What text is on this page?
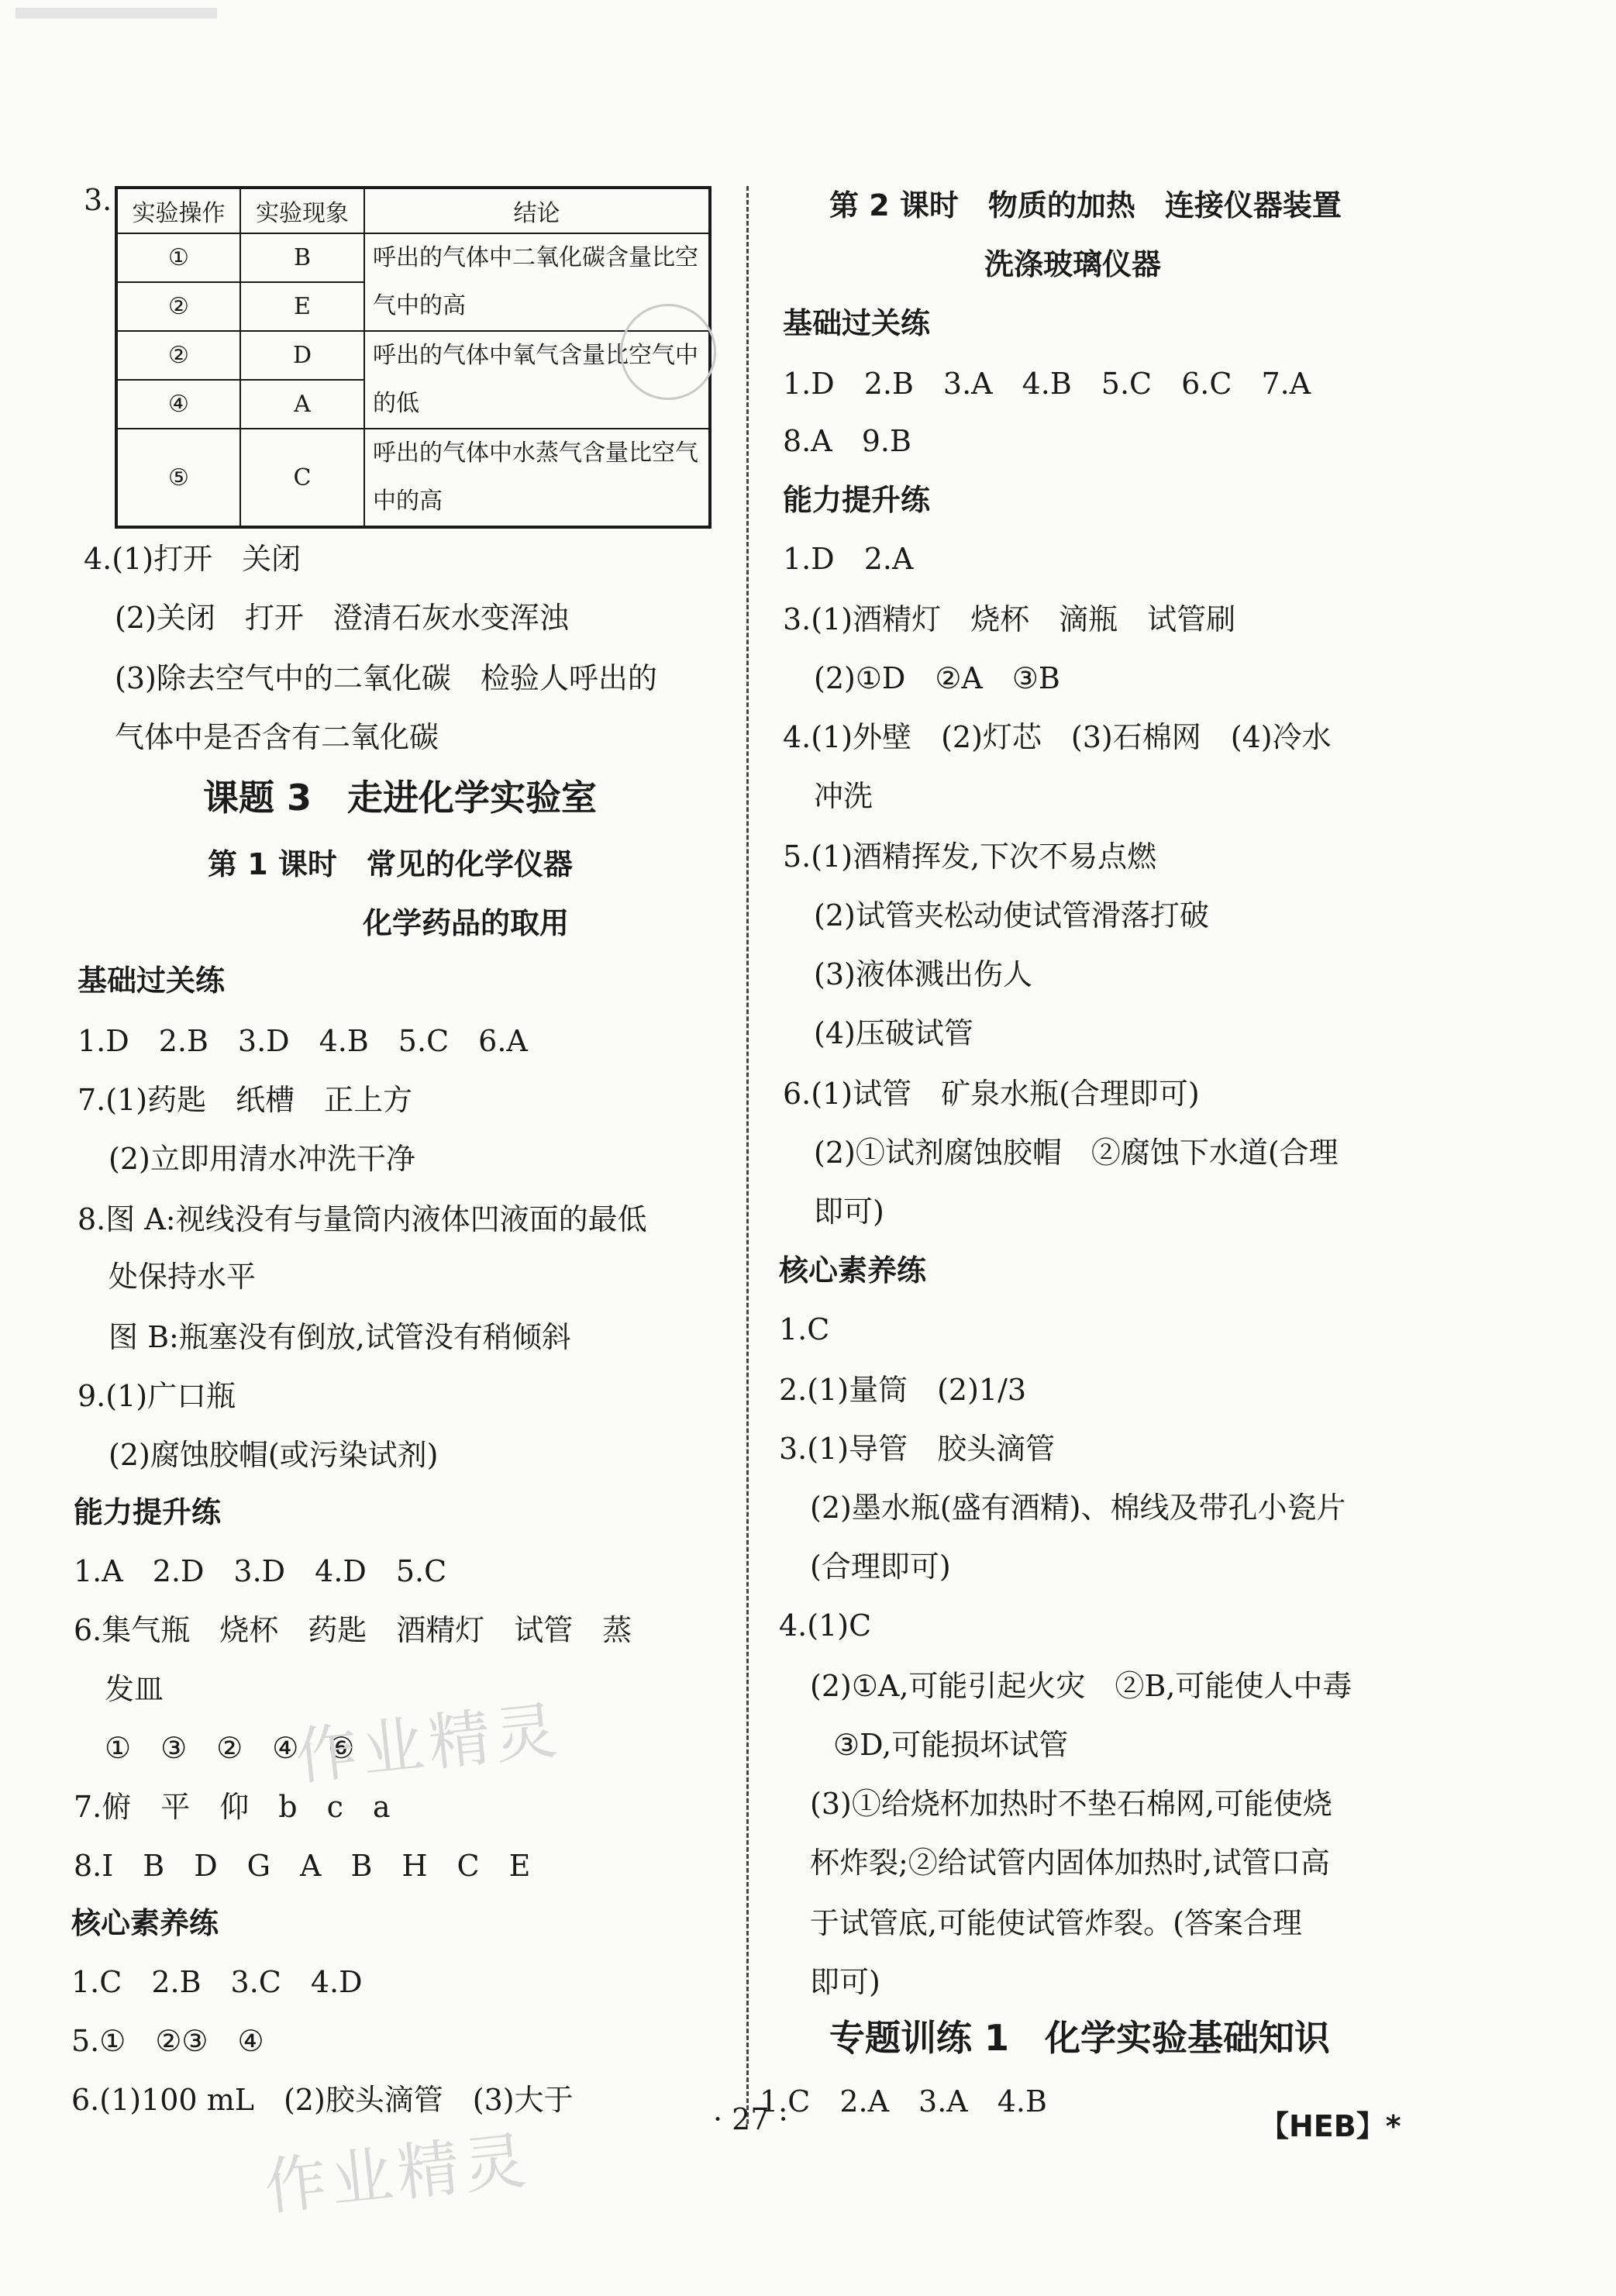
3. 实验操作	实验现象	结论
①	B	呼出的气体中二氧化碳含量比空气中的高
②	E	
②	D	呼出的气体中氧气含量比空气中的低
④	A	
⑤	C	呼出的气体中水蒸气含量比空气中的高
4.(1)打开　关闭
(2)关闭　打开　澄清石灰水变浑浊
(3)除去空气中的二氧化碳　检验人呼出的
气体中是否含有二氧化碳
课题 3　走进化学实验室
第 1 课时　常见的化学仪器
化学药品的取用
基础过关练
1.D　2.B　3.D　4.B　5.C　6.A
7.(1)药匙　纸槽　正上方
(2)立即用清水冲洗干净
8.图 A:视线没有与量筒内液体凹液面的最低
处保持水平
图 B:瓶塞没有倒放,试管没有稍倾斜
9.(1)广口瓶
(2)腐蚀胶帽(或污染试剂)
能力提升练
1.A　2.D　3.D　4.D　5.C
6.集气瓶　烧杯　药匙　酒精灯　试管　蒸
发皿
①　③　②　④　⑥
7.俯　平　仰　b　c　a
8.I　B　D　G　A　B　H　C　E
核心素养练
1.C　2.B　3.C　4.D
5.①　②③　④
6.(1)100 mL　(2)胶头滴管　(3)大于
第 2 课时　物质的加热　连接仪器装置
洗涤玻璃仪器
基础过关练
1.D　2.B　3.A　4.B　5.C　6.C　7.A
8.A　9.B
能力提升练
1.D　2.A
3.(1)酒精灯　烧杯　滴瓶　试管刷
(2)①D　②A　③B
4.(1)外壁　(2)灯芯　(3)石棉网　(4)冷水
冲洗
5.(1)酒精挥发,下次不易点燃
(2)试管夹松动使试管滑落打破
(3)液体溅出伤人
(4)压破试管
6.(1)试管　矿泉水瓶(合理即可)
(2)①试剂腐蚀胶帽　②腐蚀下水道(合理
即可)
核心素养练
1.C
2.(1)量筒　(2)1/3
3.(1)导管　胶头滴管
(2)墨水瓶(盛有酒精)、棉线及带孔小瓷片
(合理即可)
4.(1)C
(2)①A,可能引起火灾　②B,可能使人中毒
③D,可能损坏试管
(3)①给烧杯加热时不垫石棉网,可能使烧
杯炸裂;②给试管内固体加热时,试管口高
于试管底,可能使试管炸裂。(答案合理
即可)
专题训练 1　化学实验基础知识
1.C　2.A　3.A　4.B
作业精灵
作业精灵
· 27 ·	【HEB】*
